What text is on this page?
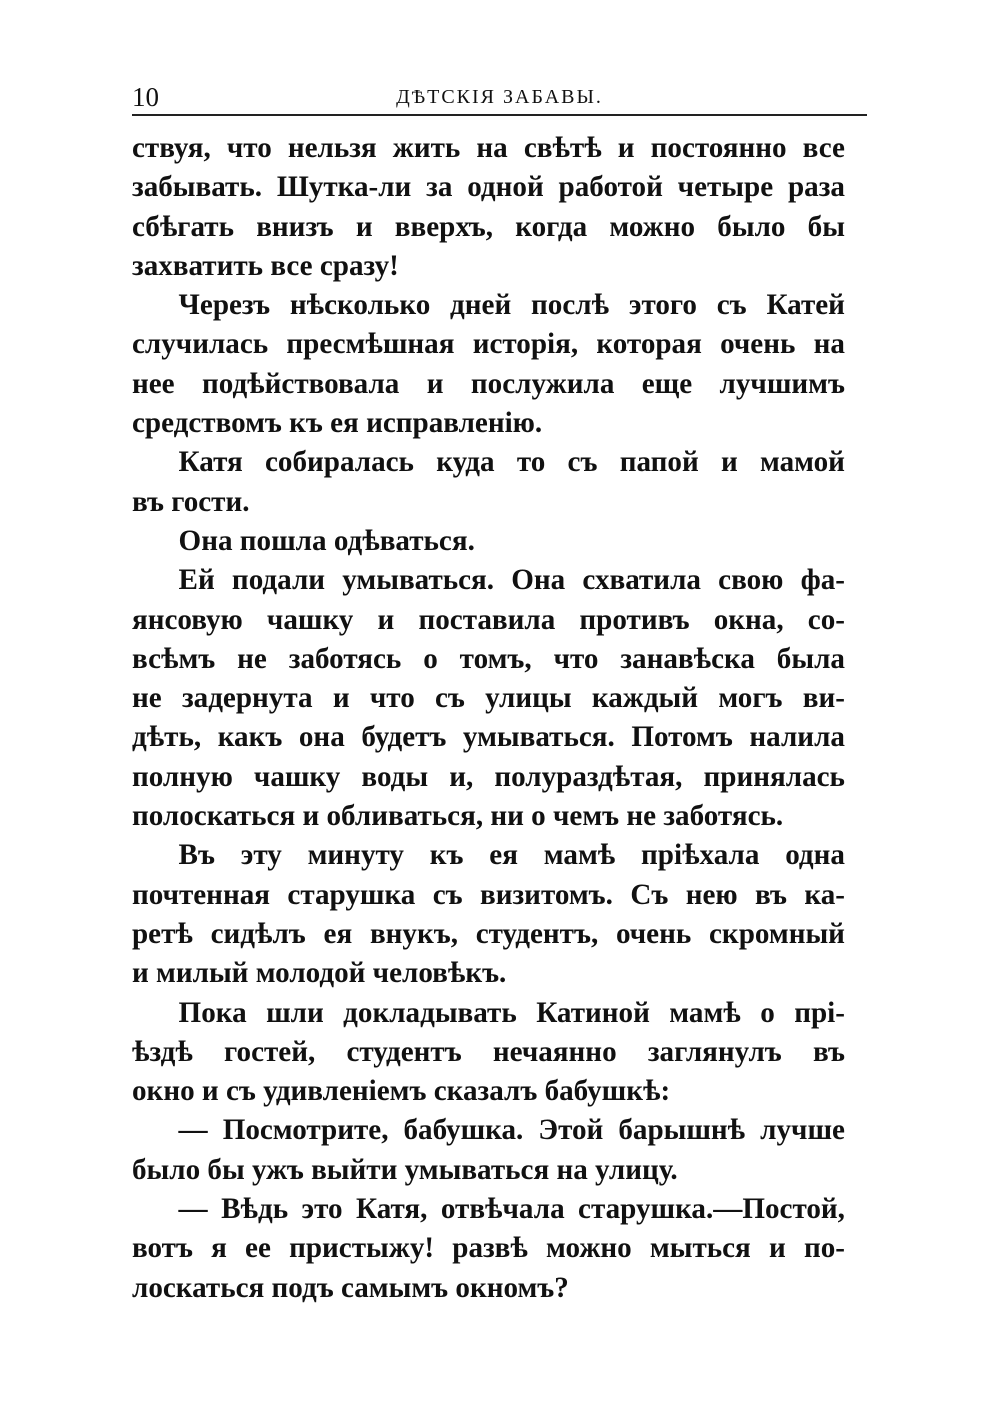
10	ДѢТСКІЯ ЗАБАВЫ.
ствуя, что нельзя жить на свѣтѣ и постоянно все
забывать. Шутка-ли за одной работой четыре раза
сбѣгать внизъ и вверхъ, когда можно было бы
захватить все сразу!
Черезъ нѣсколько дней послѣ этого съ Катей
случилась пресмѣшная исторія, которая очень на
нее подѣйствовала и послужила еще лучшимъ
средствомъ къ ея исправленію.
Катя собиралась куда то съ папой и мамой
въ гости.
Она пошла одѣваться.
Ей подали умываться. Она схватила свою фа-
янсовую чашку и поставила противъ окна, со-
всѣмъ не заботясь о томъ, что занавѣска была
не задернута и что съ улицы каждый могъ ви-
дѣть, какъ она будетъ умываться. Потомъ налила
полную чашку воды и, полураздѣтая, принялась
полоскаться и обливаться, ни о чемъ не заботясь.
Въ эту минуту къ ея мамѣ пріѣхала одна
почтенная старушка съ визитомъ. Съ нею въ ка-
ретѣ сидѣлъ ея внукъ, студентъ, очень скромный
и милый молодой человѣкъ.
Пока шли докладывать Катиной мамѣ о прі-
ѣздѣ гостей, студентъ нечаянно заглянулъ въ
окно и съ удивленіемъ сказалъ бабушкѣ:
— Посмотрите, бабушка. Этой барышнѣ лучше
было бы ужъ выйти умываться на улицу.
— Вѣдь это Катя, отвѣчала старушка.—Постой,
вотъ я ее пристыжу! развѣ можно мыться и по-
лоскаться подъ самымъ окномъ?
